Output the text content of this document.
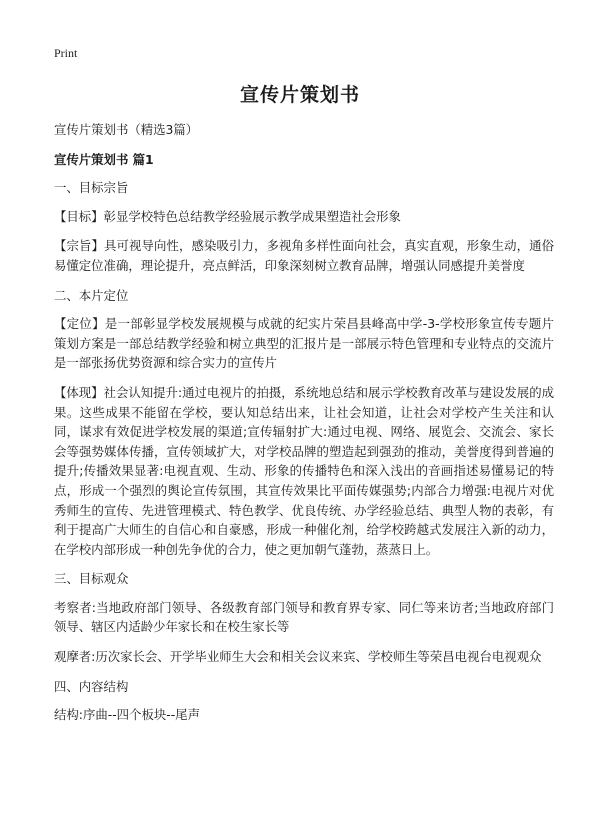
Print
宣传片策划书

宣传片策划书（精选3篇）

宣传片策划书 篇1

一、目标宗旨

【目标】彰显学校特色总结教学经验展示教学成果塑造社会形象

【宗旨】具可视导向性，感染吸引力，多视角多样性面向社会，真实直观，形象生动，通俗易懂定位准确，理论提升，亮点鲜活，印象深刻树立教育品牌，增强认同感提升美誉度

二、本片定位

【定位】是一部彰显学校发展规模与成就的纪实片荣昌县峰高中学-3-学校形象宣传专题片策划方案是一部总结教学经验和树立典型的汇报片是一部展示特色管理和专业特点的交流片是一部张扬优势资源和综合实力的宣传片

【体现】社会认知提升:通过电视片的拍摄，系统地总结和展示学校教育改革与建设发展的成果。这些成果不能留在学校，要认知总结出来，让社会知道，让社会对学校产生关注和认同，谋求有效促进学校发展的渠道;宣传辐射扩大:通过电视、网络、展览会、交流会、家长会等强势媒体传播，宣传领域扩大，对学校品牌的塑造起到强劲的推动，美誉度得到普遍的提升;传播效果显著:电视直观、生动、形象的传播特色和深入浅出的音画指述易懂易记的特点，形成一个强烈的舆论宣传氛围，其宣传效果比平面传媒强势;内部合力增强:电视片对优秀师生的宣传、先进管理模式、特色教学、优良传统、办学经验总结、典型人物的表彰，有利于提高广大师生的自信心和自豪感，形成一种催化剂，给学校跨越式发展注入新的动力，在学校内部形成一种创先争优的合力，使之更加朝气蓬勃，蒸蒸日上。

三、目标观众

考察者:当地政府部门领导、各级教育部门领导和教育界专家、同仁等来访者;当地政府部门领导、辖区内适龄少年家长和在校生家长等

观摩者:历次家长会、开学毕业师生大会和相关会议来宾、学校师生等荣昌电视台电视观众

四、内容结构

结构:序曲--四个板块--尾声
